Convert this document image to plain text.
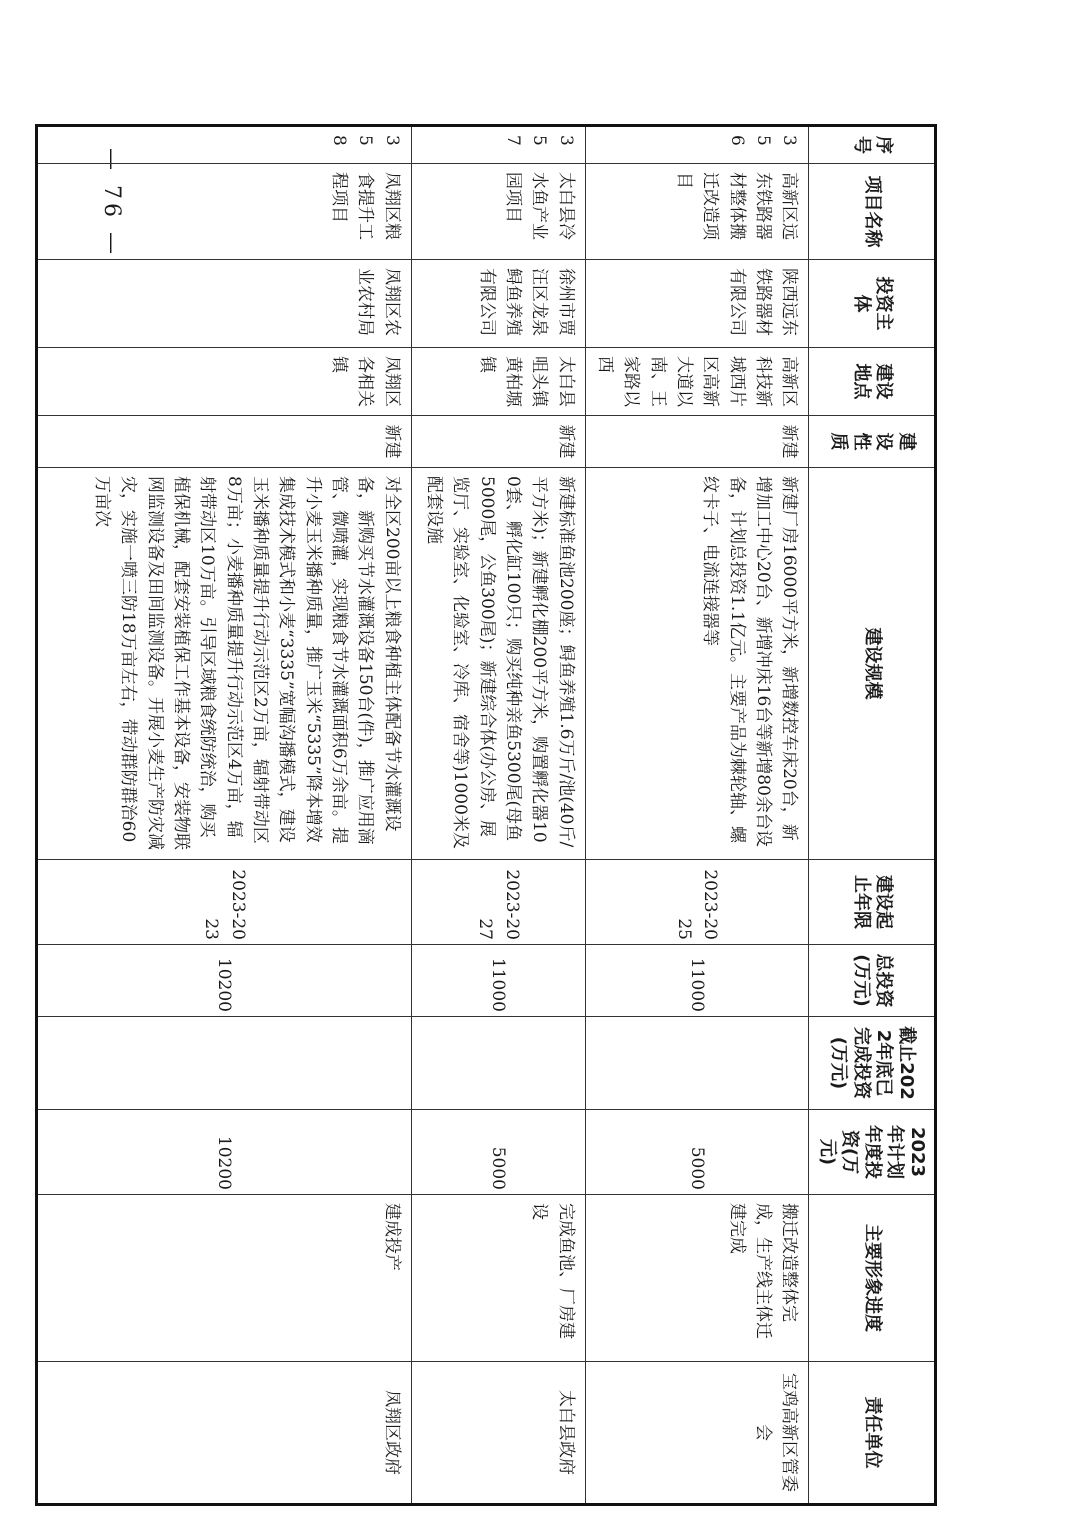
— 76 —
序号	项目名称	投资主体	建设地点	建设性质	建设规模	建设起止年限	总投资(万元)	截止2022年底已完成投资(万元)	2023年计划年度投资(万元)	主要形象进度	责任单位
356	高新区远东铁路器材整体搬迁改造项目	陕西远东铁路器材有限公司	高新区科技新城西片区高新大道以南、王家路以西	新建	新建厂房16000平方米，新增数控车床20台，新增加工中心20台、新增冲床16台等新增80余台设备，计划总投资1.1亿元。主要产品为棘轮轴、螺纹卡子、电流连接器等	2023-2025	11000		5000	搬迁改造整体完成，生产线主体迁建完成	宝鸡高新区管委会
357	太白县冷水鱼产业园项目	徐州市贾汪区龙泉鲟鱼养殖有限公司	太白县咀头镇黄柏塬镇	新建	新建标准鱼池200座；鲟鱼养殖1.6万斤/池(40斤/平方米)；新建孵化棚200平方米，购置孵化器100套、孵化缸100只；购买纯种亲鱼5300尾(母鱼5000尾，公鱼300尾)；新建综合体(办公房、展览厅、实验室、化验室、冷库、宿舍等)1000米及配套设施	2023-2027	11000		5000	完成鱼池、厂房建设	太白县政府
358	凤翔区粮食提升工程项目	凤翔区农业农村局	凤翔区各相关镇	新建	对全区200亩以上粮食种植主体配备节水灌溉设备，新购买节水灌溉设备150台(件)，推广应用滴管、微喷灌，实现粮食节水灌溉面积6万余亩。提升小麦玉米播种质量，推广玉米“5335”降本增效集成技术模式和小麦“3335”宽幅沟播模式，建设玉米播种质量提升行动示范区2万亩，辐射带动区8万亩；小麦播种质量提升行动示范区4万亩，辐射带动区10万亩。引导区域粮食统防统治，购买植保机械，配套安装植保工作基本设备，安装物联网监测设备及田间监测设备。开展小麦生产防灾减灾，实施一喷三防18万亩左右，带动群防群治60万亩次	2023-2023	10200		10200	建成投产	凤翔区政府
